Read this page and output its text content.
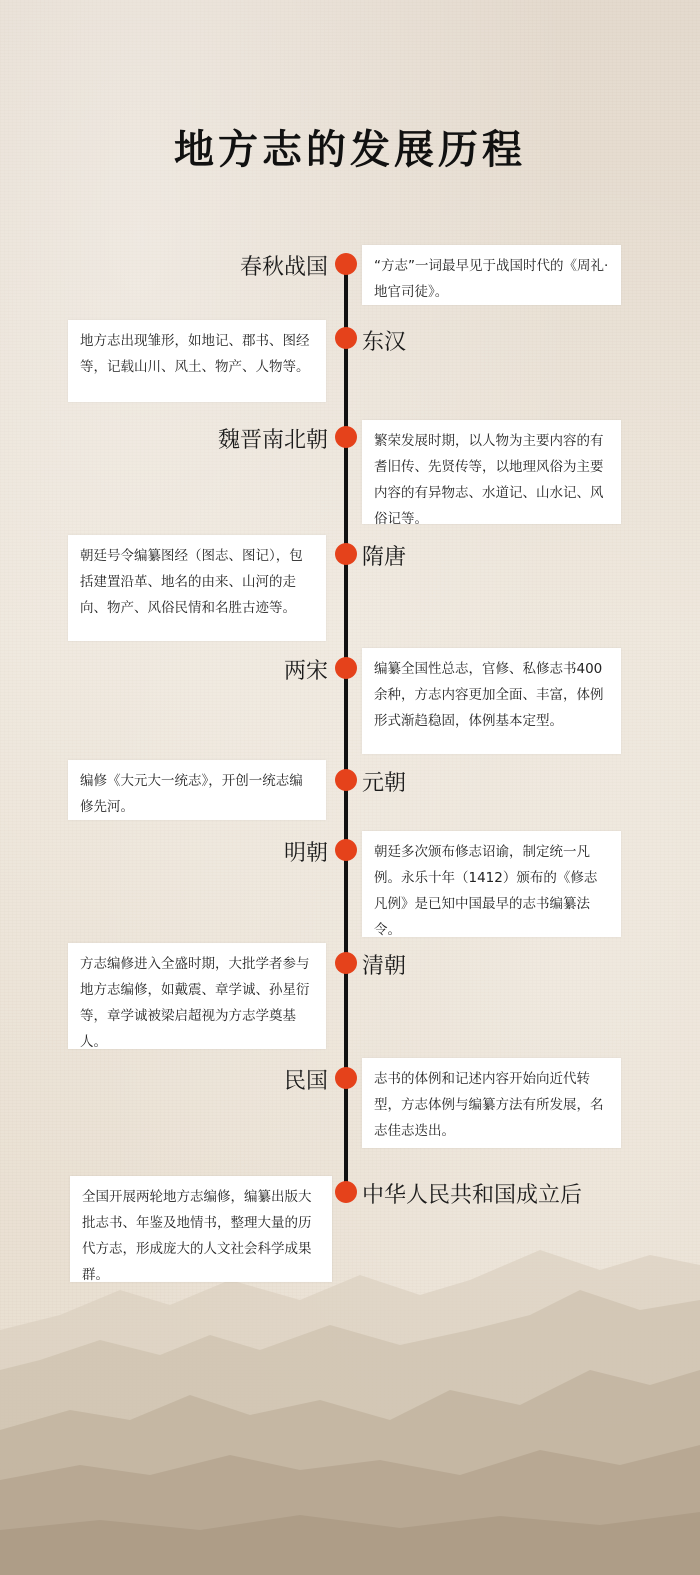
地方志的发展历程
春秋战国	“方志”一词最早见于战国时代的《周礼·地官司徒》。
东汉
地方志出现雏形，如地记、郡书、图经等，记载山川、风土、物产、人物等。
魏晋南北朝	繁荣发展时期，以人物为主要内容的有耆旧传、先贤传等，以地理风俗为主要内容的有异物志、水道记、山水记、风俗记等。
隋唐
朝廷号令编纂图经（图志、图记），包括建置沿革、地名的由来、山河的走向、物产、风俗民情和名胜古迹等。
两宋	编纂全国性总志，官修、私修志书400余种，方志内容更加全面、丰富，体例形式渐趋稳固，体例基本定型。
元朝
编修《大元大一统志》，开创一统志编修先河。
明朝	朝廷多次颁布修志诏谕，制定统一凡例。永乐十年（1412）颁布的《修志凡例》是已知中国最早的志书编纂法令。
清朝
方志编修进入全盛时期，大批学者参与地方志编修，如戴震、章学诚、孙星衍等，章学诚被梁启超视为方志学奠基人。
民国	志书的体例和记述内容开始向近代转型，方志体例与编纂方法有所发展，名志佳志迭出。
中华人民共和国成立后
全国开展两轮地方志编修，编纂出版大批志书、年鉴及地情书，整理大量的历代方志，形成庞大的人文社会科学成果群。
